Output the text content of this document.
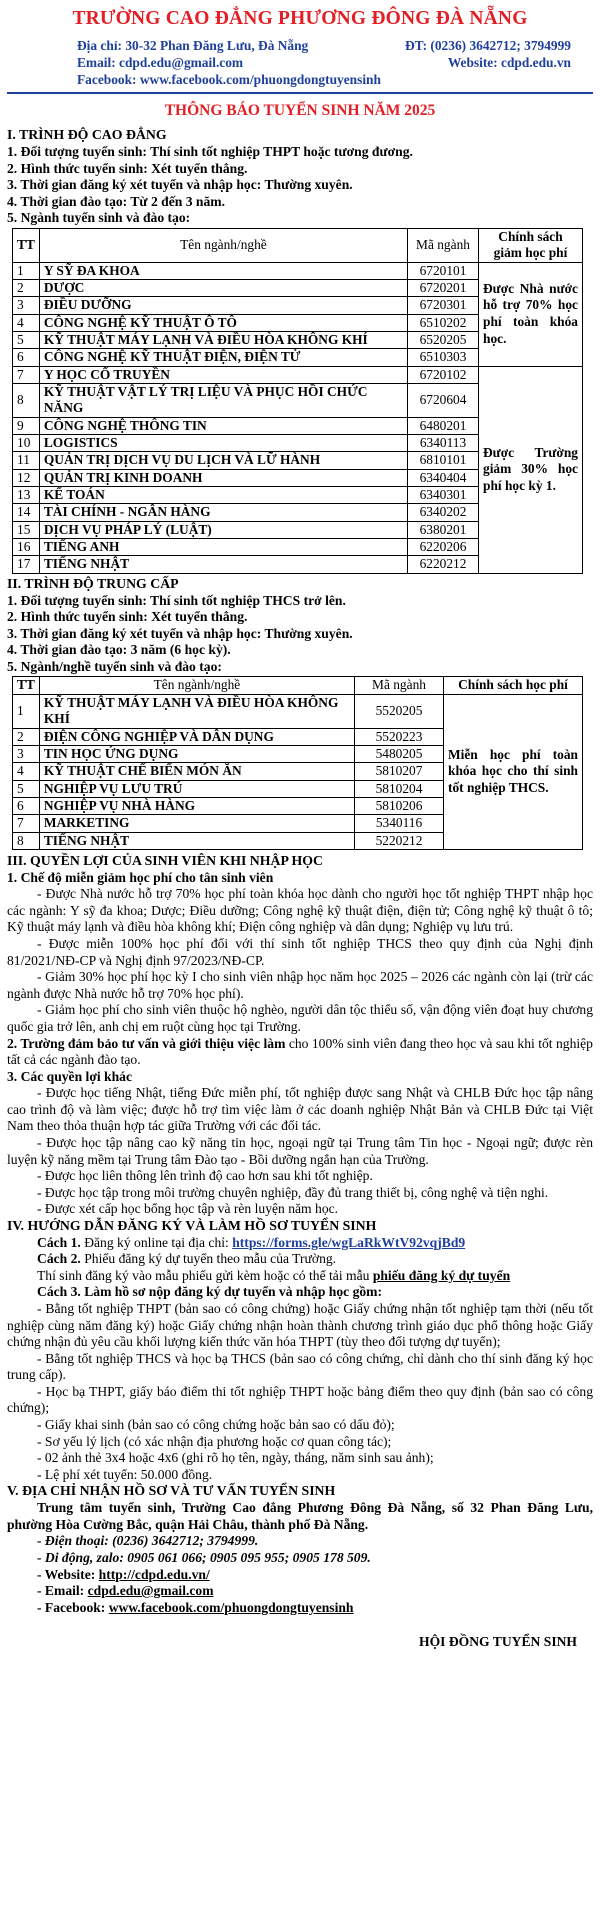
TRƯỜNG CAO ĐẲNG PHƯƠNG ĐÔNG ĐÀ NẴNG
Địa chỉ: 30-32 Phan Đăng Lưu, Đà Nẵng	ĐT: (0236) 3642712; 3794999
Email: cdpd.edu@gmail.com	Website: cdpd.edu.vn
Facebook: www.facebook.com/phuongdongtuyensinh
THÔNG BÁO TUYỂN SINH NĂM 2025
I. TRÌNH ĐỘ CAO ĐẲNG
1. Đối tượng tuyển sinh: Thí sinh tốt nghiệp THPT hoặc tương đương.
2. Hình thức tuyển sinh: Xét tuyển thẳng.
3. Thời gian đăng ký xét tuyển và nhập học: Thường xuyên.
4. Thời gian đào tạo: Từ 2 đến 3 năm.
5. Ngành tuyển sinh và đào tạo:
TT	Tên ngành/nghề	Mã ngành	Chính sách giảm học phí
1	Y SỸ ĐA KHOA	6720101	Được Nhà nước hỗ trợ 70% học phí toàn khóa học.
2	DƯỢC	6720201	
3	ĐIỀU DƯỠNG	6720301	
4	CÔNG NGHỆ KỸ THUẬT Ô TÔ	6510202	
5	KỸ THUẬT MÁY LẠNH VÀ ĐIỀU HÒA KHÔNG KHÍ	6520205	
6	CÔNG NGHỆ KỸ THUẬT ĐIỆN, ĐIỆN TỬ	6510303	
7	Y HỌC CỔ TRUYỀN	6720102	Được Trường giảm 30% học phí học kỳ 1.
8	KỸ THUẬT VẬT LÝ TRỊ LIỆU VÀ PHỤC HỒI CHỨC NĂNG	6720604	
9	CÔNG NGHỆ THÔNG TIN	6480201	
10	LOGISTICS	6340113	
11	QUẢN TRỊ DỊCH VỤ DU LỊCH VÀ LỮ HÀNH	6810101	
12	QUẢN TRỊ KINH DOANH	6340404	
13	KẾ TOÁN	6340301	
14	TÀI CHÍNH - NGÂN HÀNG	6340202	
15	DỊCH VỤ PHÁP LÝ (LUẬT)	6380201	
16	TIẾNG ANH	6220206	
17	TIẾNG NHẬT	6220212	
II. TRÌNH ĐỘ TRUNG CẤP
1. Đối tượng tuyển sinh: Thí sinh tốt nghiệp THCS trở lên.
2. Hình thức tuyển sinh: Xét tuyển thẳng.
3. Thời gian đăng ký xét tuyển và nhập học: Thường xuyên.
4. Thời gian đào tạo: 3 năm (6 học kỳ).
5. Ngành/nghề tuyển sinh và đào tạo:
TT	Tên ngành/nghề	Mã ngành	Chính sách học phí
1	KỸ THUẬT MÁY LẠNH VÀ ĐIỀU HÒA KHÔNG KHÍ	5520205	Miễn học phí toàn khóa học cho thí sinh tốt nghiệp THCS.
2	ĐIỆN CÔNG NGHIỆP VÀ DÂN DỤNG	5520223	
3	TIN HỌC ỨNG DỤNG	5480205	
4	KỸ THUẬT CHẾ BIẾN MÓN ĂN	5810207	
5	NGHIỆP VỤ LƯU TRÚ	5810204	
6	NGHIỆP VỤ NHÀ HÀNG	5810206	
7	MARKETING	5340116	
8	TIẾNG NHẬT	5220212	
III. QUYỀN LỢI CỦA SINH VIÊN KHI NHẬP HỌC
1. Chế độ miễn giảm học phí cho tân sinh viên
- Được Nhà nước hỗ trợ 70% học phí toàn khóa học dành cho người học tốt nghiệp THPT nhập học các ngành: Y sỹ đa khoa; Dược; Điều dưỡng; Công nghệ kỹ thuật điện, điện tử; Công nghệ kỹ thuật ô tô; Kỹ thuật máy lạnh và điều hòa không khí; Điện công nghiệp và dân dụng; Nghiệp vụ lưu trú.
- Được miễn 100% học phí đối với thí sinh tốt nghiệp THCS theo quy định của Nghị định 81/2021/NĐ-CP và Nghị định 97/2023/NĐ-CP.
- Giảm 30% học phí học kỳ I cho sinh viên nhập học năm học 2025 – 2026 các ngành còn lại (trừ các ngành được Nhà nước hỗ trợ 70% học phí).
- Giảm học phí cho sinh viên thuộc hộ nghèo, người dân tộc thiểu số, vận động viên đoạt huy chương quốc gia trở lên, anh chị em ruột cùng học tại Trường.
2. Trường đảm bảo tư vấn và giới thiệu việc làm cho 100% sinh viên đang theo học và sau khi tốt nghiệp tất cả các ngành đào tạo.
3. Các quyền lợi khác
- Được học tiếng Nhật, tiếng Đức miễn phí, tốt nghiệp được sang Nhật và CHLB Đức học tập nâng cao trình độ và làm việc; được hỗ trợ tìm việc làm ở các doanh nghiệp Nhật Bản và CHLB Đức tại Việt Nam theo thỏa thuận hợp tác giữa Trường với các đối tác.
- Được học tập nâng cao kỹ năng tin học, ngoại ngữ tại Trung tâm Tin học - Ngoại ngữ; được rèn luyện kỹ năng mềm tại Trung tâm Đào tạo - Bồi dưỡng ngắn hạn của Trường.
- Được học liên thông lên trình độ cao hơn sau khi tốt nghiệp.
- Được học tập trong môi trường chuyên nghiệp, đầy đủ trang thiết bị, công nghệ và tiện nghi.
- Được xét cấp học bổng học tập và rèn luyện năm học.
IV. HƯỚNG DẪN ĐĂNG KÝ VÀ LÀM HỒ SƠ TUYỂN SINH
Cách 1. Đăng ký online tại địa chỉ: https://forms.gle/wgLaRkWtV92vqjBd9
Cách 2. Phiếu đăng ký dự tuyển theo mẫu của Trường.
Thí sinh đăng ký vào mẫu phiếu gửi kèm hoặc có thể tải mẫu phiếu đăng ký dự tuyển
Cách 3. Làm hồ sơ nộp đăng ký dự tuyển và nhập học gồm:
- Bằng tốt nghiệp THPT (bản sao có công chứng) hoặc Giấy chứng nhận tốt nghiệp tạm thời (nếu tốt nghiệp cùng năm đăng ký) hoặc Giấy chứng nhận hoàn thành chương trình giáo dục phổ thông hoặc Giấy chứng nhận đủ yêu cầu khối lượng kiến thức văn hóa THPT (tùy theo đối tượng dự tuyển);
- Bằng tốt nghiệp THCS và học bạ THCS (bản sao có công chứng, chỉ dành cho thí sinh đăng ký học trung cấp).
- Học bạ THPT, giấy báo điểm thi tốt nghiệp THPT hoặc bảng điểm theo quy định (bản sao có công chứng);
- Giấy khai sinh (bản sao có công chứng hoặc bản sao có dấu đỏ);
- Sơ yếu lý lịch (có xác nhận địa phương hoặc cơ quan công tác);
- 02 ảnh thẻ 3x4 hoặc 4x6 (ghi rõ họ tên, ngày, tháng, năm sinh sau ảnh);
- Lệ phí xét tuyển: 50.000 đồng.
V. ĐỊA CHỈ NHẬN HỒ SƠ VÀ TƯ VẤN TUYỂN SINH
Trung tâm tuyển sinh, Trường Cao đẳng Phương Đông Đà Nẵng, số 32 Phan Đăng Lưu, phường Hòa Cường Bắc, quận Hải Châu, thành phố Đà Nẵng.
- Điện thoại: (0236) 3642712; 3794999.
- Di động, zalo: 0905 061 066; 0905 095 955; 0905 178 509.
- Website: http://cdpd.edu.vn/
- Email: cdpd.edu@gmail.com
- Facebook: www.facebook.com/phuongdongtuyensinh
HỘI ĐỒNG TUYỂN SINH
